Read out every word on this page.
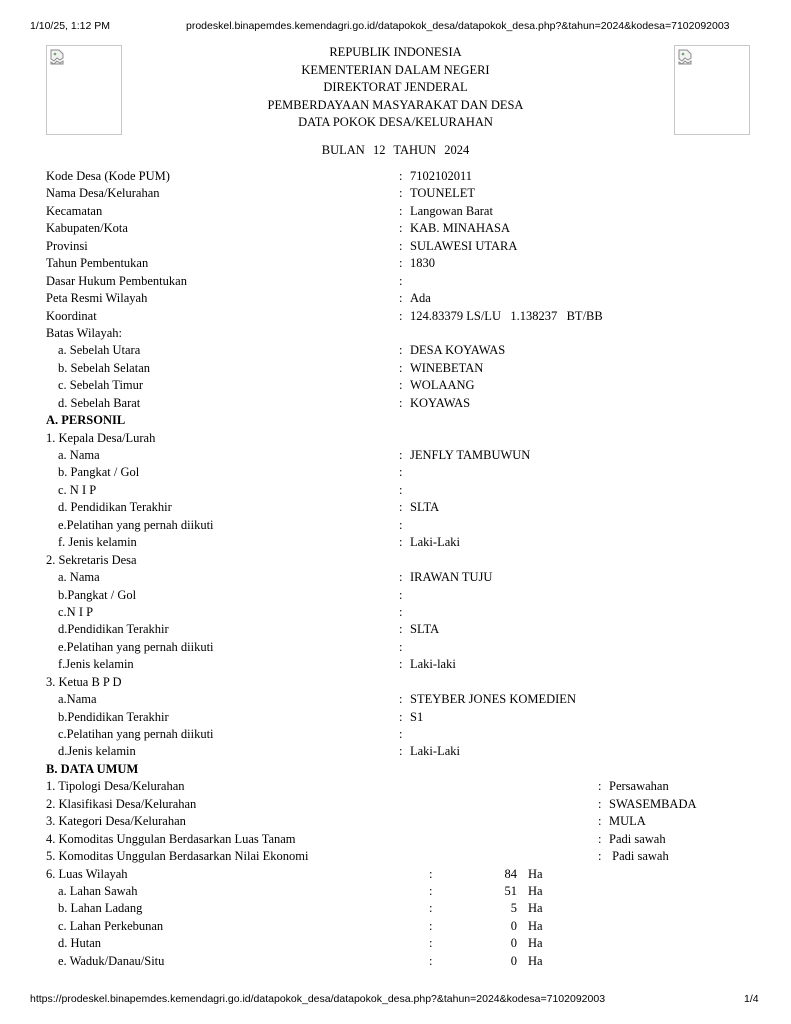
1/10/25, 1:12 PM	prodeskel.binapemdes.kemendagri.go.id/datapokok_desa/datapokok_desa.php?&tahun=2024&kodesa=7102092003
REPUBLIK INDONESIA
KEMENTERIAN DALAM NEGERI
DIREKTORAT JENDERAL
PEMBERDAYAAN MASYARAKAT DAN DESA
DATA POKOK DESA/KELURAHAN
BULAN 12 TAHUN 2024
Kode Desa (Kode PUM)	: 7102102011
Nama Desa/Kelurahan	: TOUNELET
Kecamatan	: Langowan Barat
Kabupaten/Kota	: KAB. MINAHASA
Provinsi	: SULAWESI UTARA
Tahun Pembentukan	: 1830
Dasar Hukum Pembentukan	:
Peta Resmi Wilayah	: Ada
Koordinat	: 124.83379 LS/LU   1.138237   BT/BB
Batas Wilayah:
a. Sebelah Utara	: DESA KOYAWAS
b. Sebelah Selatan	: WINEBETAN
c. Sebelah Timur	: WOLAANG
d. Sebelah Barat	: KOYAWAS
A. PERSONIL
1. Kepala Desa/Lurah
a. Nama	: JENFLY TAMBUWUN
b. Pangkat / Gol	:
c. N I P	:
d. Pendidikan Terakhir	: SLTA
e.Pelatihan yang pernah diikuti	:
f. Jenis kelamin	: Laki-Laki
2. Sekretaris Desa
a. Nama	: IRAWAN TUJU
b.Pangkat / Gol	:
c.N I P	:
d.Pendidikan Terakhir	: SLTA
e.Pelatihan yang pernah diikuti	:
f.Jenis kelamin	: Laki-laki
3. Ketua B P D
a.Nama	: STEYBER JONES KOMEDIEN
b.Pendidikan Terakhir	: S1
c.Pelatihan yang pernah diikuti	:
d.Jenis kelamin	: Laki-Laki
B. DATA UMUM
1. Tipologi Desa/Kelurahan	: Persawahan
2. Klasifikasi Desa/Kelurahan	: SWASEMBADA
3. Kategori Desa/Kelurahan	: MULA
4. Komoditas Unggulan Berdasarkan Luas Tanam	: Padi sawah
5. Komoditas Unggulan Berdasarkan Nilai Ekonomi	: Padi sawah
6. Luas Wilayah	:	84 Ha
a. Lahan Sawah	:	51 Ha
b. Lahan Ladang	:	5 Ha
c. Lahan Perkebunan	:	0 Ha
d. Hutan	:	0 Ha
e. Waduk/Danau/Situ	:	0 Ha
https://prodeskel.binapemdes.kemendagri.go.id/datapokok_desa/datapokok_desa.php?&tahun=2024&kodesa=7102092003	1/4
